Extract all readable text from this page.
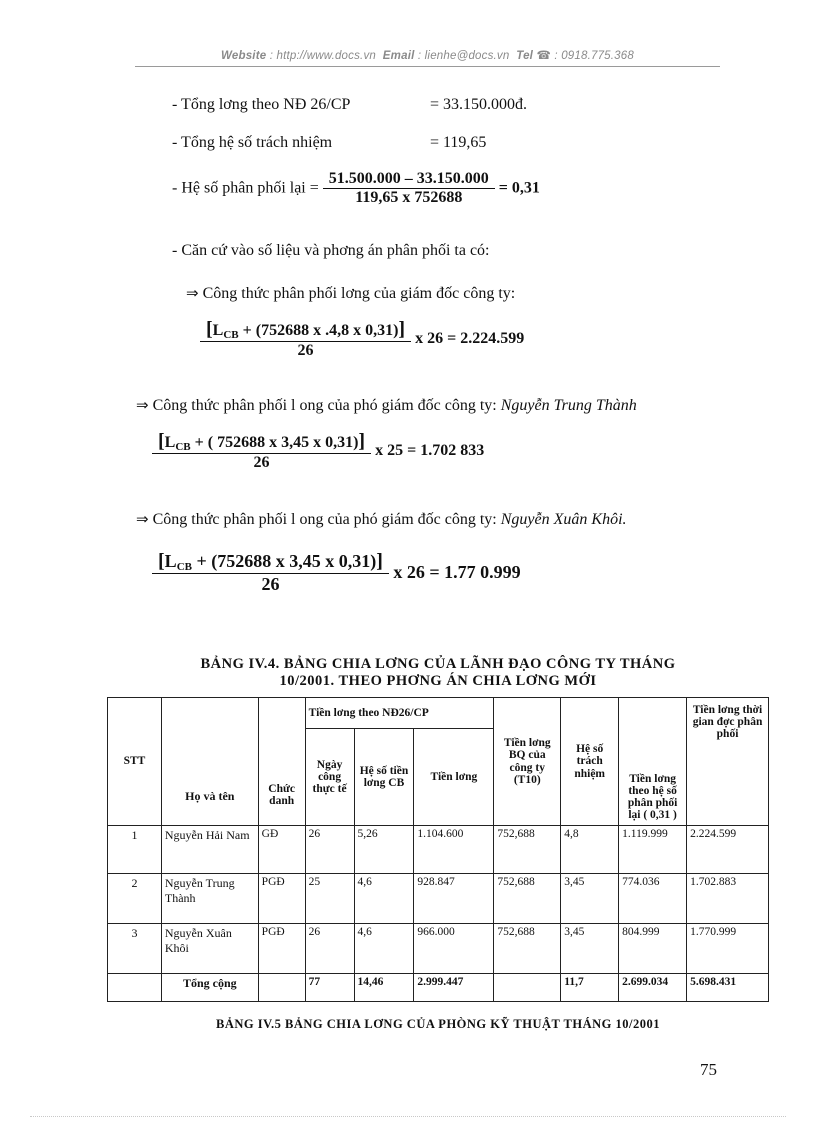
Website : http://www.docs.vn Email : lienhe@docs.vn Tel ☎ : 0918.775.368
- Tổng lơng theo NĐ 26/CP	= 33.150.000đ.
- Tổng hệ số trách nhiệm	= 119,65
- Hệ số phân phối lại = $\frac{51.500.000 - 33.150.000}{119,65 x 752688} = 0,31$
- Căn cứ vào số liệu và phơng án phân phối ta có:
⇒ Công thức phân phối lơng của giám đốc công ty:
$\frac{[L_{CB} + (752688 x .4,8 x 0,31)]}{26}$ x 26 = 2.224.599
⇒ Công thức phân phối l ong của phó giám đốc công ty: Nguyễn Trung Thành
$\frac{[L_{CB} + ( 752688 x 3,45 x 0,31)]}{26}$ x 25 = 1.702 833
⇒ Công thức phân phối l ong của phó giám đốc công ty: Nguyễn Xuân Khôi.
$\frac{[L_{CB} + (752688 x 3,45 x 0,31)]}{26}$ x 26 = 1.77 0.999
BẢNG IV.4. BẢNG CHIA LƠNG CỦA LÃNH ĐẠO CÔNG TY THÁNG
10/2001. THEO PHƠNG ÁN CHIA LƠNG MỚI
STT	Họ và tên	Chức danh	Tiền lơng theo NĐ26/CP			Tiền lơng BQ của công ty (T10)	Hệ số trách nhiệm	Tiền lơng theo hệ số phân phối lại ( 0,31 )	Tiền lơng thời gian đợc phân phối
			Ngày công thực tế	Hệ số tiền lơng CB	Tiền lơng				
1	Nguyễn Hải Nam	GĐ	26	5,26	1.104.600	752,688	4,8	1.119.999	2.224.599
2	Nguyễn Trung Thành	PGĐ	25	4,6	928.847	752,688	3,45	774.036	1.702.883
3	Nguyễn Xuân Khôi	PGĐ	26	4,6	966.000	752,688	3,45	804.999	1.770.999
	Tổng cộng		77	14,46	2.999.447		11,7	2.699.034	5.698.431
BẢNG IV.5 BẢNG CHIA LƠNG CỦA PHÒNG KỸ THUẬT THÁNG 10/2001
75
